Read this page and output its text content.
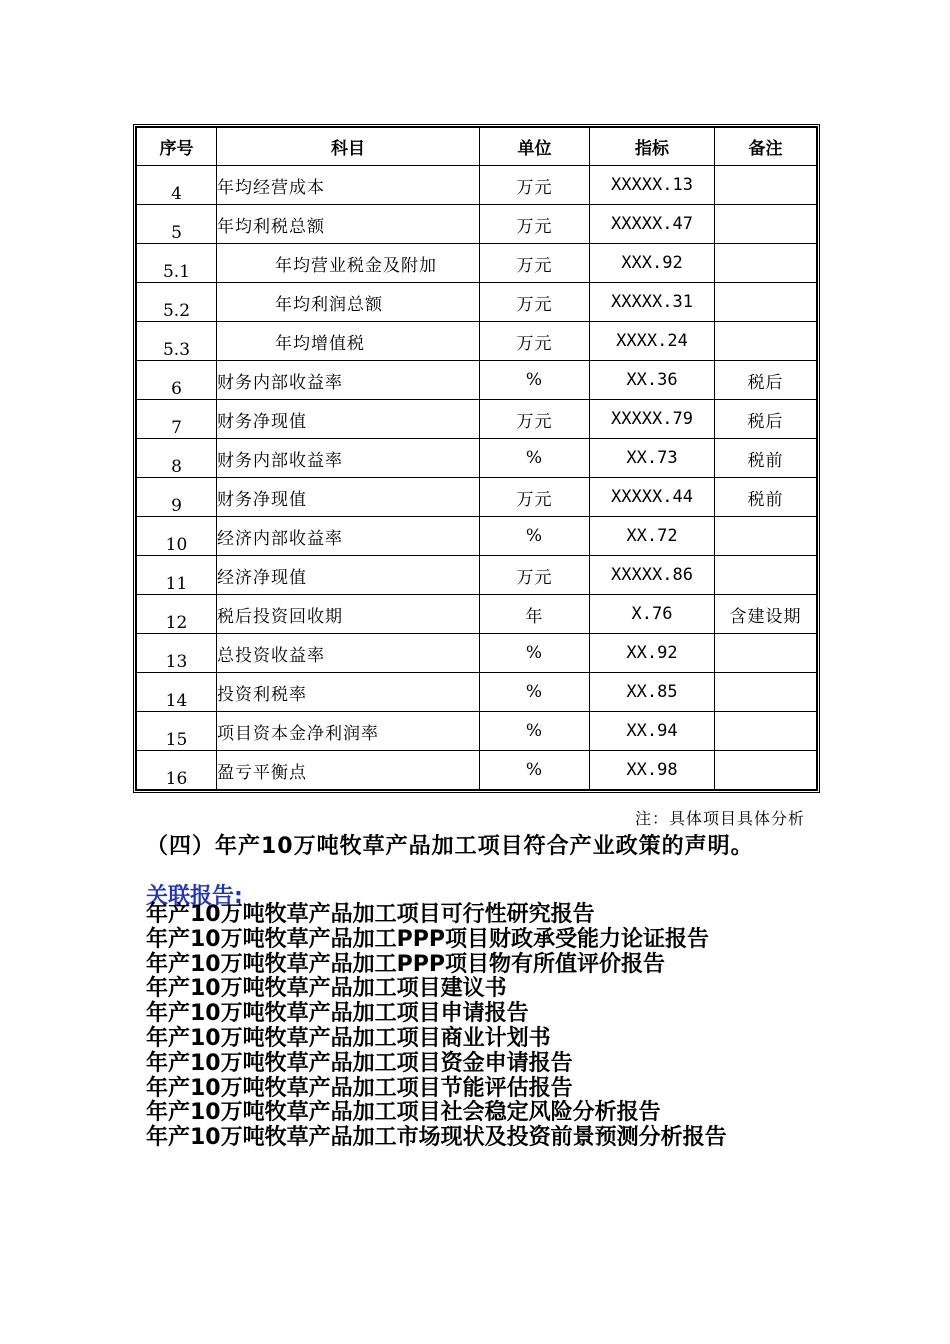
序号	科目	单位	指标	备注
4	年均经营成本	万元	XXXXX.13	
5	年均利税总额	万元	XXXXX.47	
5.1	年均营业税金及附加	万元	XXX.92	
5.2	年均利润总额	万元	XXXXX.31	
5.3	年均增值税	万元	XXXX.24	
6	财务内部收益率	%	XX.36	税后
7	财务净现值	万元	XXXXX.79	税后
8	财务内部收益率	%	XX.73	税前
9	财务净现值	万元	XXXXX.44	税前
10	经济内部收益率	%	XX.72	
11	经济净现值	万元	XXXXX.86	
12	税后投资回收期	年	X.76	含建设期
13	总投资收益率	%	XX.92	
14	投资利税率	%	XX.85	
15	项目资本金净利润率	%	XX.94	
16	盈亏平衡点	%	XX.98	
注：具体项目具体分析
（四）年产10万吨牧草产品加工项目符合产业政策的声明。
关联报告:
年产10万吨牧草产品加工项目可行性研究报告
年产10万吨牧草产品加工PPP项目财政承受能力论证报告
年产10万吨牧草产品加工PPP项目物有所值评价报告
年产10万吨牧草产品加工项目建议书
年产10万吨牧草产品加工项目申请报告
年产10万吨牧草产品加工项目商业计划书
年产10万吨牧草产品加工项目资金申请报告
年产10万吨牧草产品加工项目节能评估报告
年产10万吨牧草产品加工项目社会稳定风险分析报告
年产10万吨牧草产品加工市场现状及投资前景预测分析报告
